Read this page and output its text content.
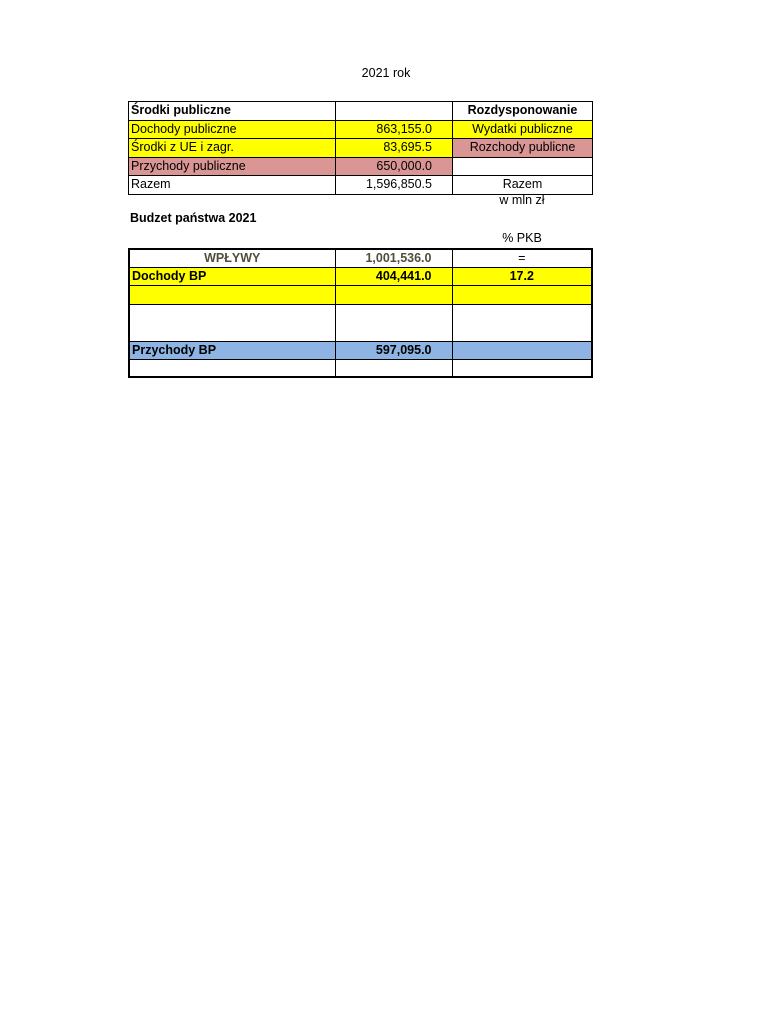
2021 rok
Środki publiczne		Rozdysponowanie
Dochody publiczne	863,155.0	Wydatki publiczne
Środki z UE i zagr.	83,695.5	Rozchody publicne
Przychody publiczne	650,000.0	
Razem	1,596,850.5	Razem
w mln zł
Budzet państwa 2021
% PKB
WPŁYWY	1,001,536.0	=
Dochody BP	404,441.0	17.2

Przychody BP	597,095.0	
